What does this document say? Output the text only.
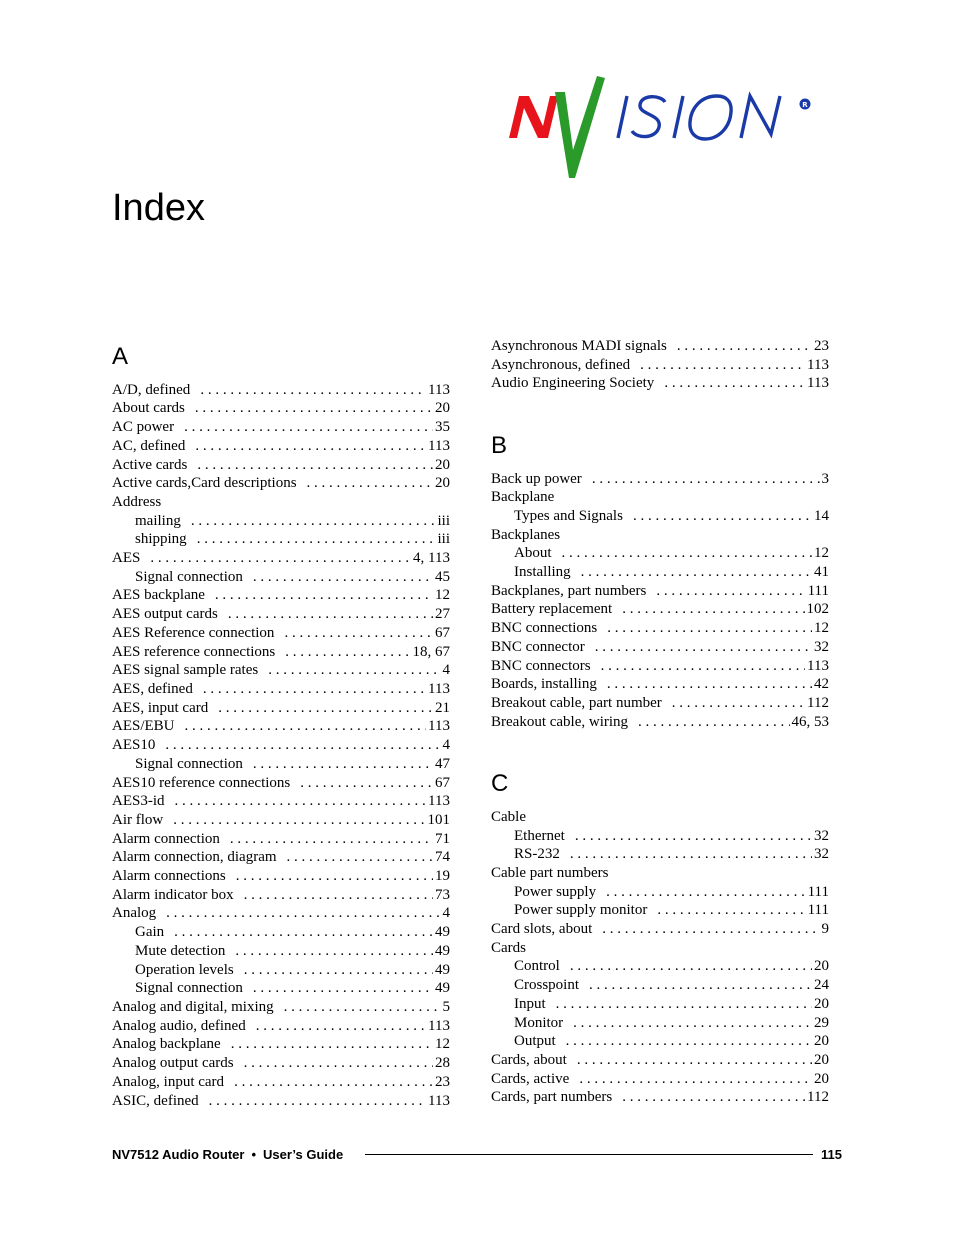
R
Index
A
A/D, defined . . .	113
About cards . . .	20
AC power . . .	35
AC, defined . . .	113
Active cards . . .	20
Active cards,Card descriptions . . .	20
Address
mailing . . .	iii
shipping . . .	iii
AES . . .	4, 113
Signal connection . . .	45
AES backplane . . .	12
AES output cards . . .	27
AES Reference connection . . .	67
AES reference connections . . .	18, 67
AES signal sample rates . . .	4
AES, defined . . .	113
AES, input card . . .	21
AES/EBU . . .	113
AES10 . . .	4
Signal connection . . .	47
AES10 reference connections . . .	67
AES3-id . . .	113
Air flow . . .	101
Alarm connection . . .	71
Alarm connection, diagram . . .	74
Alarm connections . . .	19
Alarm indicator box . . .	73
Analog . . .	4
Gain . . .	49
Mute detection . . .	49
Operation levels . . .	49
Signal connection . . .	49
Analog and digital, mixing . . .	5
Analog audio, defined . . .	113
Analog backplane . . .	12
Analog output cards . . .	28
Analog, input card . . .	23
ASIC, defined . . .	113
Asynchronous MADI signals . . .	23
Asynchronous, defined . . .	113
Audio Engineering Society . . .	113
B
Back up power . . .	3
Backplane
Types and Signals . . .	14
Backplanes
About . . .	12
Installing . . .	41
Backplanes, part numbers . . .	111
Battery replacement . . .	102
BNC connections . . .	12
BNC connector . . .	32
BNC connectors . . .	113
Boards, installing . . .	42
Breakout cable, part number . . .	112
Breakout cable, wiring . . .	46, 53
C
Cable
Ethernet . . .	32
RS-232 . . .	32
Cable part numbers
Power supply . . .	111
Power supply monitor . . .	111
Card slots, about . . .	9
Cards
Control . . .	20
Crosspoint . . .	24
Input . . .	20
Monitor . . .	29
Output . . .	20
Cards, about . . .	20
Cards, active . . .	20
Cards, part numbers . . .	112
NV7512 Audio Router • User’s Guide	115
